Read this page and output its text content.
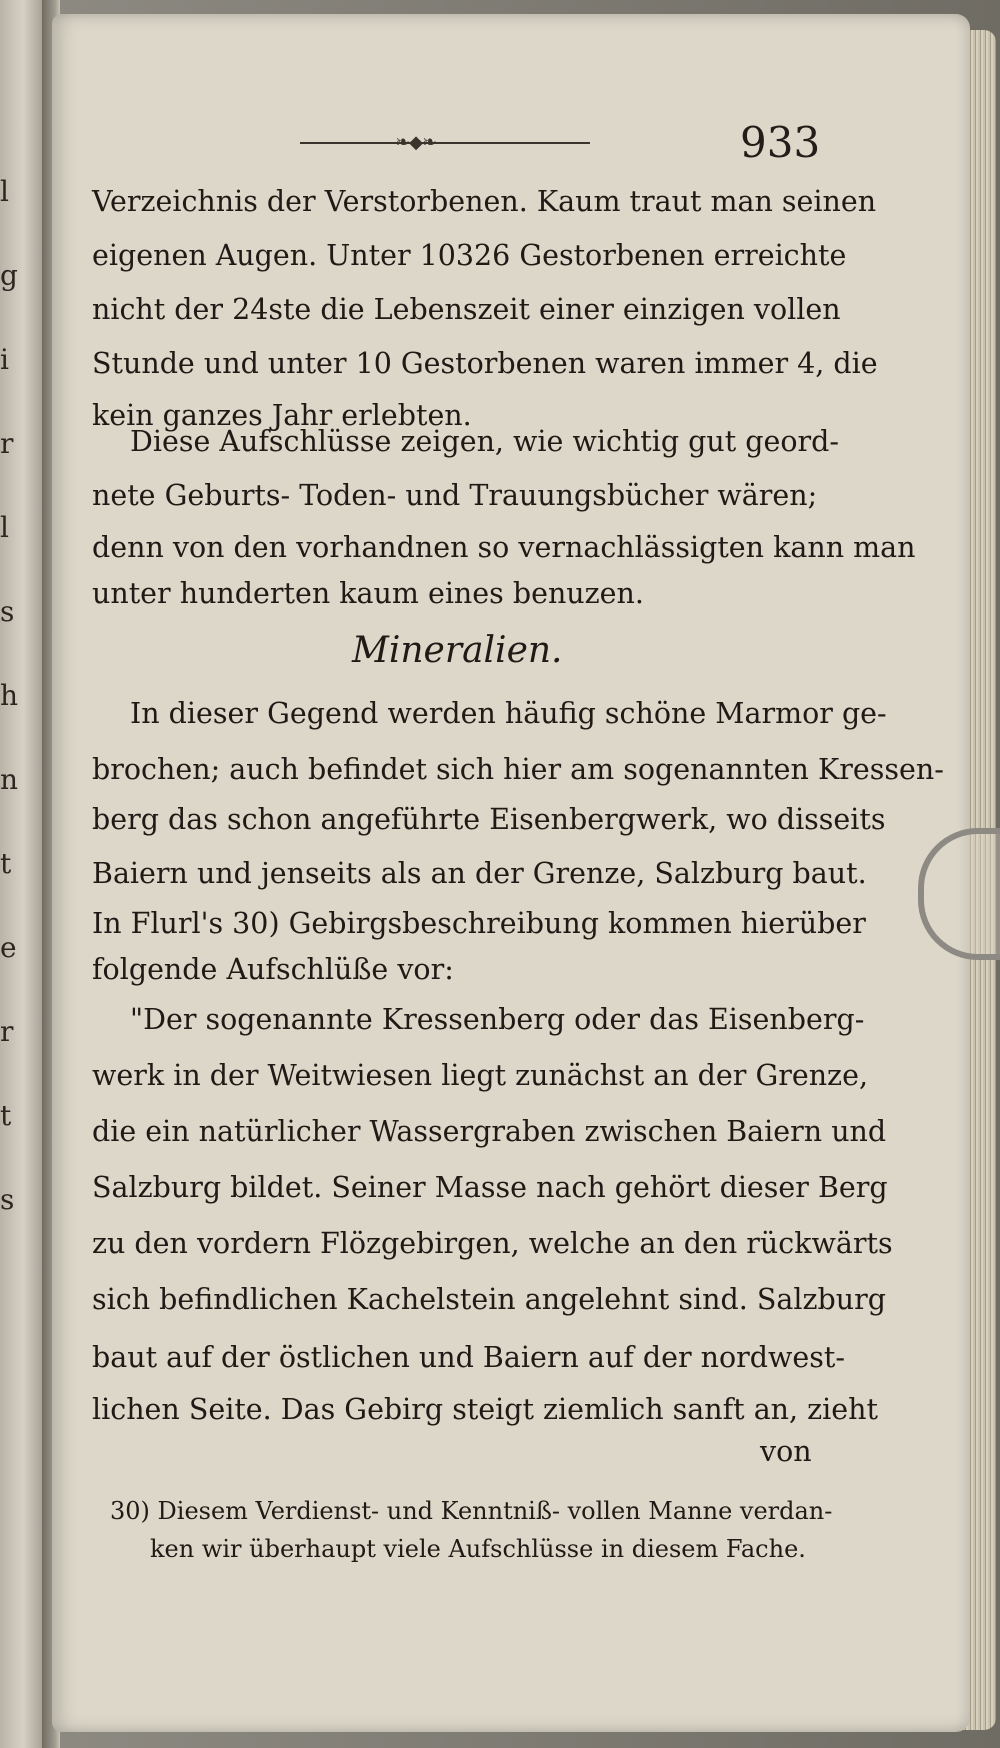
l
g
i
r
l
s
h
n
t
e
r
t
s
❧◆❧	933
Verzeichnis der Verstorbenen. Kaum traut man seinen
eigenen Augen. Unter 10326 Gestorbenen erreichte
nicht der 24ste die Lebenszeit einer einzigen vollen
Stunde und unter 10 Gestorbenen waren immer 4, die
kein ganzes Jahr erlebten.
Diese Aufschlüsse zeigen, wie wichtig gut geord-
nete Geburts- Toden- und Trauungsbücher wären;
denn von den vorhandnen so vernachlässigten kann man
unter hunderten kaum eines benuzen.
Mineralien.
In dieser Gegend werden häufig schöne Marmor ge-
brochen; auch befindet sich hier am sogenannten Kressen-
berg das schon angeführte Eisenbergwerk, wo disseits
Baiern und jenseits als an der Grenze, Salzburg baut.
In Flurl's 30) Gebirgsbeschreibung kommen hierüber
folgende Aufschlüße vor:
"Der sogenannte Kressenberg oder das Eisenberg-
werk in der Weitwiesen liegt zunächst an der Grenze,
die ein natürlicher Wassergraben zwischen Baiern und
Salzburg bildet. Seiner Masse nach gehört dieser Berg
zu den vordern Flözgebirgen, welche an den rückwärts
sich befindlichen Kachelstein angelehnt sind. Salzburg
baut auf der östlichen und Baiern auf der nordwest-
lichen Seite. Das Gebirg steigt ziemlich sanft an, zieht
von
30) Diesem Verdienst- und Kenntniß- vollen Manne verdan-
ken wir überhaupt viele Aufschlüsse in diesem Fache.
